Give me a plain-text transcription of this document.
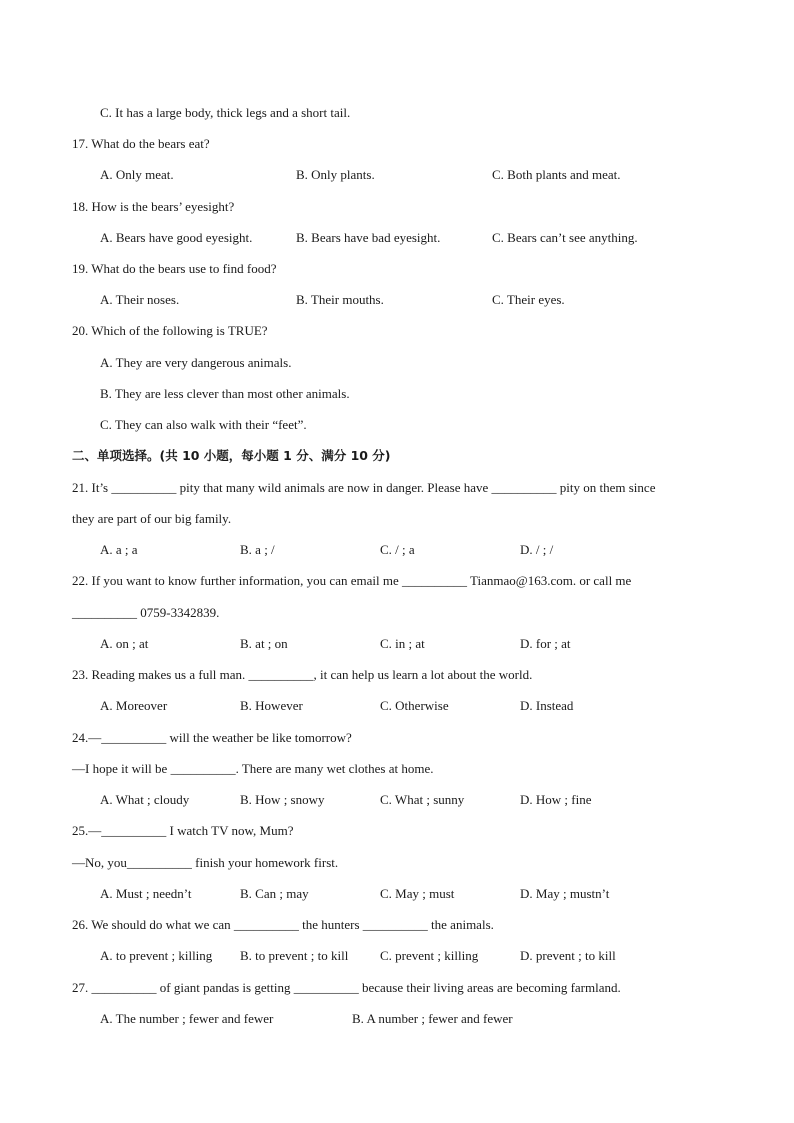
C. It has a large body, thick legs and a short tail.
17. What do the bears eat?
A. Only meat.	B. Only plants.	C. Both plants and meat.
18. How is the bears’ eyesight?
A. Bears have good eyesight.	B. Bears have bad eyesight.	C. Bears can’t see anything.
19. What do the bears use to find food?
A. Their noses.	B. Their mouths.	C. Their eyes.
20. Which of the following is TRUE?
A. They are very dangerous animals.
B. They are less clever than most other animals.
C. They can also walk with their “feet”.
二、单项选择。(共 10 小题，每小题 1 分、满分 10 分)
21. It’s __________ pity that many wild animals are now in danger. Please have __________ pity on them since
they are part of our big family.
A. a ; a	B. a ; /	C. / ; a	D. / ; /
22. If you want to know further information, you can email me __________ Tianmao@163.com. or call me
__________ 0759-3342839.
A. on ; at	B. at ; on	C. in ; at	D. for ; at
23. Reading makes us a full man. __________, it can help us learn a lot about the world.
A. Moreover	B. However	C. Otherwise	D. Instead
24.—__________ will the weather be like tomorrow?
—I hope it will be __________. There are many wet clothes at home.
A. What ; cloudy	B. How ; snowy	C. What ; sunny	D. How ; fine
25.—__________ I watch TV now, Mum?
—No, you__________ finish your homework first.
A. Must ; needn’t	B. Can ; may	C. May ; must	D. May ; mustn’t
26. We should do what we can __________ the hunters __________ the animals.
A. to prevent ; killing B. to prevent ; to kill C. prevent ; killing	D. prevent ; to kill
27. __________ of giant pandas is getting __________ because their living areas are becoming farmland.
A. The number ; fewer and fewer	B. A number ; fewer and fewer
